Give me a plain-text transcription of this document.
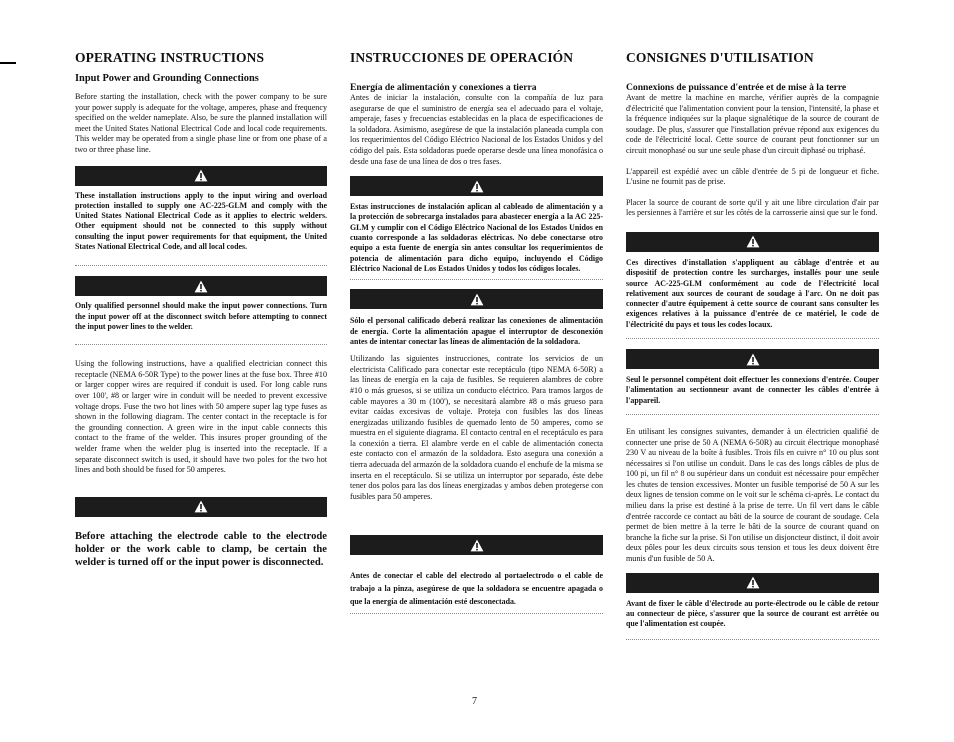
OPERATING INSTRUCTIONS
Input Power and Grounding Connections

Before starting the installation, check with the power company to be sure your power supply is adequate for the voltage, amperes, phase and frequency specified on the welder nameplate. Also, be sure the planned installation will meet the United States National Electrical Code and local code requirements. This welder may be operated from a single phase line or from one phase of a two or three phase line.

These installation instructions apply to the input wiring and overload protection installed to supply one AC-225-GLM and comply with the United States National Electrical Code as it applies to electric welders. Other equipment should not be connected to this supply without consulting the input power requirements for that equipment, the United States National Electrical Code, and all local codes.

Only qualified personnel should make the input power connections. Turn the input power off at the disconnect switch before attempting to connect the input power lines to the welder.

Using the following instructions, have a qualified electrician connect this receptacle (NEMA 6-50R Type) to the power lines at the fuse box. Three #10 or larger copper wires are required if conduit is used. For long cable runs over 100', #8 or larger wire in conduit will be needed to prevent excessive voltage drops. Fuse the two hot lines with 50 ampere super lag type fuses as shown in the following diagram. The center contact in the receptacle is for the grounding connection. A green wire in the input cable connects this contact to the frame of the welder. This insures proper grounding of the welder frame when the welder plug is inserted into the receptacle. If a separate disconnect switch is used, it should have two poles for the two hot lines and both should be fused for 50 amperes.

Before attaching the electrode cable to the electrode holder or the work cable to clamp, be certain the welder is turned off or the input power is disconnected.

INSTRUCCIONES DE OPERACIÓN
Energía de alimentación y conexiones a tierra

Antes de iniciar la instalación, consulte con la compañía de luz para asegurarse de que el suministro de energía sea el adecuado para el voltaje, amperaje, fases y frecuencias establecidas en la placa de especificaciones de la soldadora. Asimismo, asegúrese de que la instalación planeada cumpla con los requerimientos del Código Eléctrico Nacional de los Estados Unidos y del código del país. Esta soldadoras puede operarse desde una línea monofásica o desde una fase de una línea de dos o tres fases.

Estas instrucciones de instalación aplican al cableado de alimentación y a la protección de sobrecarga instalados para abastecer energía a la AC 225-GLM y cumplir con el Código Eléctrico Nacional de los Estados Unidos en cuanto corresponde a las soldadoras eléctricas. No debe conectarse otro equipo a esta fuente de energía sin antes consultar los requerimientos de potencia de alimentación para dicho equipo, incluyendo el Código Eléctrico Nacional de Los Estados Unidos y todos los códigos locales.

Sólo el personal calificado deberá realizar las conexiones de alimentación de energía. Corte la alimentación apague el interruptor de desconexión antes de intentar conectar las líneas de alimentación de la soldadora.

Utilizando las siguientes instrucciones, contrate los servicios de un electricista Calificado para conectar este receptáculo (tipo NEMA 6-50R) a las líneas de energía en la caja de fusibles. Se requieren alambres de cobre #10 o más gruesos, si se utiliza un conducto eléctrico. Para tramos largos de cable mayores a 30 m (100'), se necesitará alambre #8 o más grueso para evitar caídas excesivas de voltaje. Proteja con fusibles las dos líneas energizadas utilizando fusibles de quemado lento de 50 amperes, como se muestra en el siguiente diagrama. El contacto central en el receptáculo es para la conexión a tierra. El alambre verde en el cable de alimentación conecta este contacto con el armazón de la soldadora. Esto asegura una conexión a tierra adecuada del armazón de la soldadora cuando el enchufe de la misma se inserta en el receptáculo. Si se utiliza un interruptor por separado, éste debe tener dos polos para las dos líneas energizadas y ambos deben protegerse con fusibles para 50 amperes.

Antes de conectar el cable del electrodo al portaelectrodo o el cable de trabajo a la pinza, asegúrese de que la soldadora se encuentre apagada o que la energía de alimentación esté desconectada.

CONSIGNES D'UTILISATION
Connexions de puissance d'entrée et de mise à la terre

Avant de mettre la machine en marche, vérifier auprès de la compagnie d'électricité que l'alimentation convient pour la tension, l'intensité, la phase et la fréquence indiquées sur la plaque signalétique de la source de courant de soudage. De plus, s'assurer que l'installation prévue répond aux exigences du code de l'électricité local. Cette source de courant peut fonctionner sur un circuit monophasé ou sur une seule phase d'un circuit diphasé ou triphasé.

L'appareil est expédié avec un câble d'entrée de 5 pi de longueur et fiche. L'usine ne fournit pas de prise.

Placer la source de courant de sorte qu'il y ait une libre circulation d'air par les persiennes à l'arrière et sur les côtés de la carrosserie ainsi que sur le fond.

Ces directives d'installation s'appliquent au câblage d'entrée et au dispositif de protection contre les surcharges, installés pour une seule source AC-225-GLM conformément au code de l'électricité local relativement aux sources de courant de soudage à l'arc. On ne doit pas connecter d'autre équipement à cette source de courant sans consulter les exigences relatives à la puissance d'entrée de ce matériel, le code de l'électricité du pays et tous les codes locaux.

Seul le personnel compétent doit effectuer les connexions d'entrée. Couper l'alimentation au sectionneur avant de connecter les câbles d'entrée à l'appareil.

En utilisant les consignes suivantes, demander à un électricien qualifié de connecter une prise de 50 A (NEMA 6-50R) au circuit électrique monophasé 230 V au niveau de la boîte à fusibles. Trois fils en cuivre n° 10 ou plus sont nécessaires si l'on utilise un conduit. Dans le cas des longs câbles de plus de 100 pi, un fil n° 8 ou supérieur dans un conduit est nécessaire pour empêcher les chutes de tension excessives. Monter un fusible temporisé de 50 A sur les deux lignes de tension comme on le voit sur le schéma ci-après. Le contact du milieu dans la prise est destiné à la prise de terre. Un fil vert dans le câble d'entrée raccorde ce contact au bâti de la source de courant de soudage. Cela permet de bien mettre à la terre le bâti de la source de courant quand on branche la fiche sur la prise. Si l'on utilise un disjoncteur distinct, il doit avoir deux pôles pour les deux circuits sous tension et tous les deux doivent être munis d'un fusible de 50 A.

Avant de fixer le câble d'électrode au porte-électrode ou le câble de retour au connecteur de pièce, s'assurer que la source de courant est arrêtée ou que l'alimentation est coupée.

7
